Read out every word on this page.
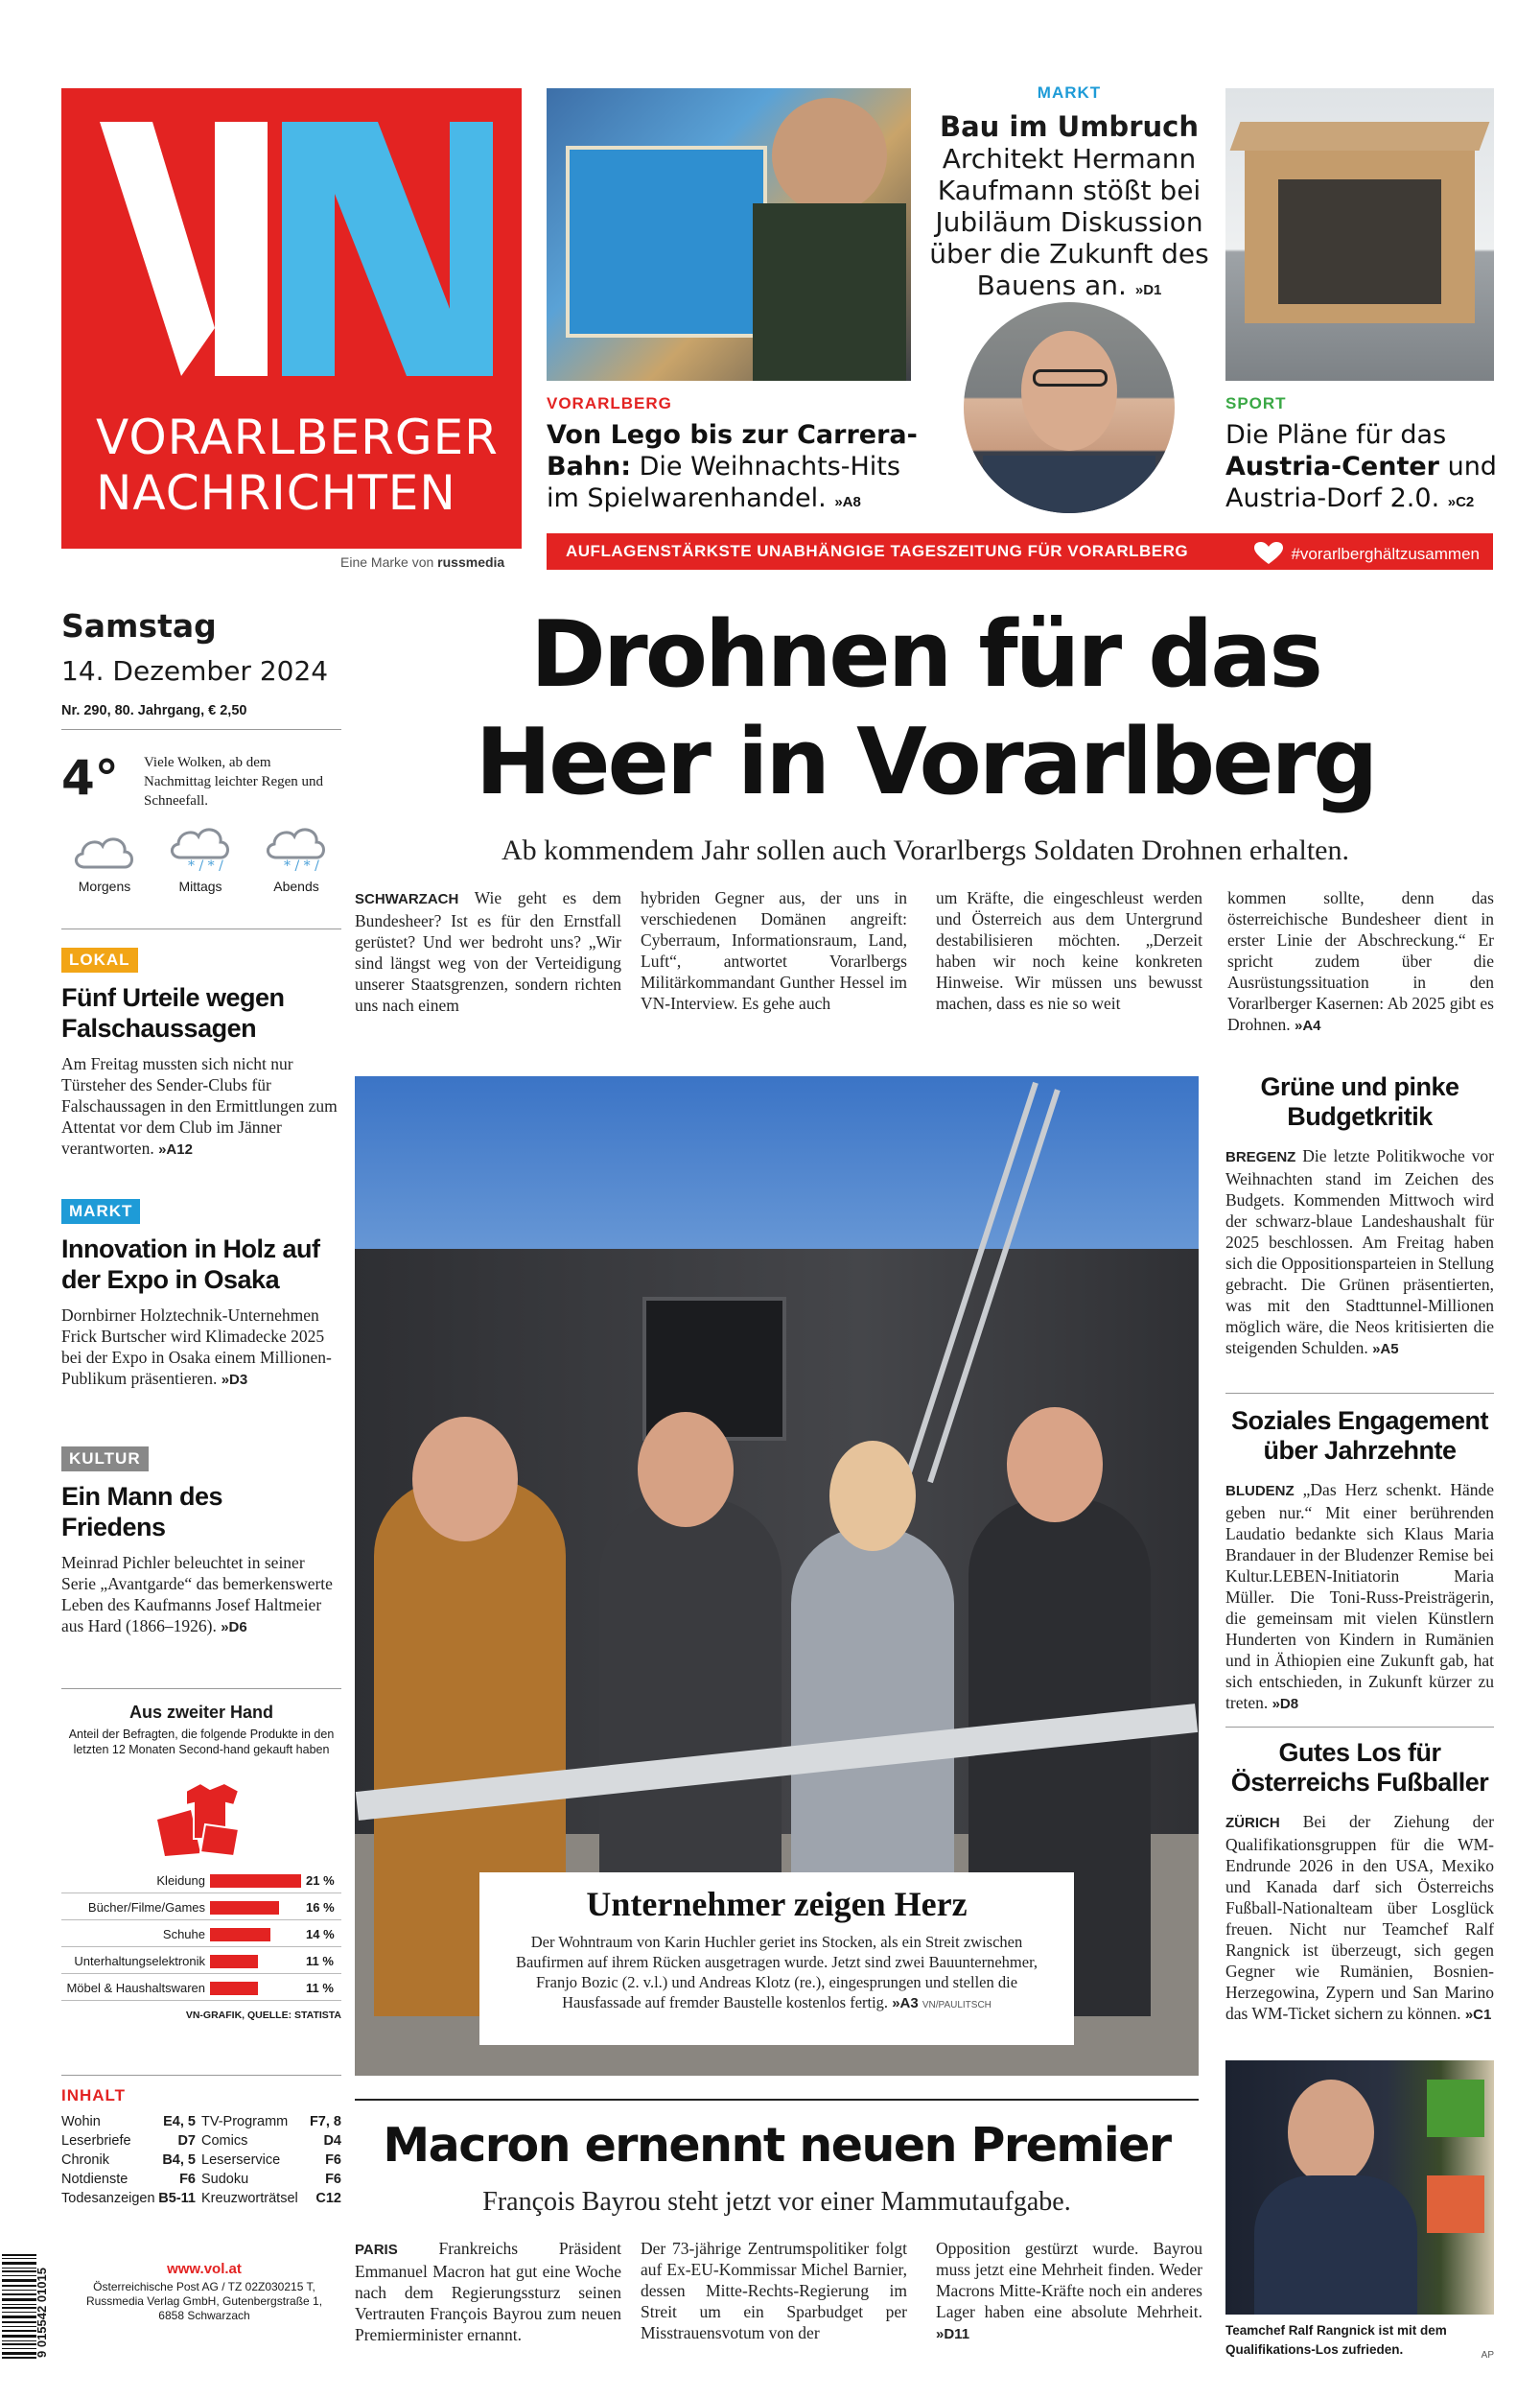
VORARLBERGER
NACHRICHTEN
Eine Marke von russmedia
VORARLBERG
Von Lego bis zur Carrera-Bahn: Die Weihnachts-Hits im Spielwarenhandel. »A8
MARKT
Bau im Umbruch
Architekt Hermann Kaufmann stößt bei Jubiläum Diskussion über die Zukunft des Bauens an. »D1
SPORT
Die Pläne für das Austria-Center und Austria-Dorf 2.0. »C2
AUFLAGENSTÄRKSTE UNABHÄNGIGE TAGESZEITUNG FÜR VORARLBERG	#vorarlberghältzusammen
Samstag
14. Dezember 2024
Nr. 290, 80. Jahrgang, € 2,50
4° Viele Wolken, ab dem Nachmittag leichter Regen und Schneefall.
Morgens
* / * /
Mittags
* / * /
Abends
LOKAL
Fünf Urteile wegen Falschaussagen
Am Freitag mussten sich nicht nur Türsteher des Sender-Clubs für Falschaussagen in den Ermittlungen zum Attentat vor dem Club im Jänner verantworten. »A12
MARKT
Innovation in Holz auf der Expo in Osaka
Dornbirner Holztechnik-Unternehmen Frick Burtscher wird Klimadecke 2025 bei der Expo in Osaka einem Millionen-Publikum präsentieren. »D3
KULTUR
Ein Mann des Friedens
Meinrad Pichler beleuchtet in seiner Serie „Avantgarde“ das bemerkenswerte Leben des Kaufmanns Josef Haltmeier aus Hard (1866–1926). »D6
Aus zweiter Hand
Anteil der Befragten, die folgende Produkte in den letzten 12 Monaten Second-hand gekauft haben
Kleidung	21 %
Bücher/Filme/Games	16 %
Schuhe	14 %
Unterhaltungselektronik	11 %
Möbel & Haushaltswaren	11 %
VN-GRAFIK, QUELLE: STATISTA
INHALT
Wohin	E4, 5
Leserbriefe	D7
Chronik	B4, 5
Notdienste	F6
Todesanzeigen B5-11
TV-Programm F7, 8
Comics	D4
Leserservice	F6
Sudoku	F6
Kreuzworträtsel C12
9 015542 01015	www.vol.at
Österreichische Post AG / TZ 02Z030215 T, Russmedia Verlag GmbH, Gutenbergstraße 1, 6858 Schwarzach
Drohnen für das
Heer in Vorarlberg
Ab kommendem Jahr sollen auch Vorarlbergs Soldaten Drohnen erhalten.
SCHWARZACH Wie geht es dem Bundesheer? Ist es für den Ernstfall gerüstet? Und wer bedroht uns? „Wir sind längst weg von der Verteidigung unserer Staatsgrenzen, sondern richten uns nach einem
hybriden Gegner aus, der uns in verschiedenen Domänen angreift: Cyberraum, Informationsraum, Land, Luft“, antwortet Vorarlbergs Militärkommandant Gunther Hessel im VN-Interview. Es gehe auch
um Kräfte, die eingeschleust werden und Österreich aus dem Untergrund destabilisieren möchten. „Derzeit haben wir noch keine konkreten Hinweise. Wir müssen uns bewusst machen, dass es nie so weit
kommen sollte, denn das österreichische Bundesheer dient in erster Linie der Abschreckung.“ Er spricht zudem über die Ausrüstungssituation in den Vorarlberger Kasernen: Ab 2025 gibt es Drohnen. »A4
Unternehmer zeigen Herz
Der Wohntraum von Karin Huchler geriet ins Stocken, als ein Streit zwischen Baufirmen auf ihrem Rücken ausgetragen wurde. Jetzt sind zwei Bauunternehmer, Franjo Bozic (2. v.l.) und Andreas Klotz (re.), eingesprungen und stellen die Hausfassade auf fremder Baustelle kostenlos fertig. »A3 VN/PAULITSCH
Grüne und pinke Budgetkritik
BREGENZ Die letzte Politikwoche vor Weihnachten stand im Zeichen des Budgets. Kommenden Mittwoch wird der schwarz-blaue Landeshaushalt für 2025 beschlossen. Am Freitag haben sich die Oppositionsparteien in Stellung gebracht. Die Grünen präsentierten, was mit den Stadttunnel-Millionen möglich wäre, die Neos kritisierten die steigenden Schulden. »A5
Soziales Engagement über Jahrzehnte
BLUDENZ „Das Herz schenkt. Hände geben nur.“ Mit einer berührenden Laudatio bedankte sich Klaus Maria Brandauer in der Bludenzer Remise bei Kultur.LEBEN-Initiatorin Maria Müller. Die Toni-Russ-Preisträgerin, die gemeinsam mit vielen Künstlern Hunderten von Kindern in Rumänien und in Äthiopien eine Zukunft gab, hat sich entschieden, in Zukunft kürzer zu treten. »D8
Gutes Los für Österreichs Fußballer
ZÜRICH Bei der Ziehung der Qualifikationsgruppen für die WM-Endrunde 2026 in den USA, Mexiko und Kanada darf sich Österreichs Fußball-Nationalteam über Losglück freuen. Nicht nur Teamchef Ralf Rangnick ist überzeugt, sich gegen Gegner wie Rumänien, Bosnien-Herzegowina, Zypern und San Marino das WM-Ticket sichern zu können. »C1
Teamchef Ralf Rangnick ist mit dem Qualifikations-Los zufrieden.	AP
Macron ernennt neuen Premier
François Bayrou steht jetzt vor einer Mammutaufgabe.
PARIS Frankreichs Präsident Emmanuel Macron hat gut eine Woche nach dem Regierungssturz seinen Vertrauten François Bayrou zum neuen Premierminister ernannt.
Der 73-jährige Zentrumspolitiker folgt auf Ex-EU-Kommissar Michel Barnier, dessen Mitte-Rechts-Regierung im Streit um ein Sparbudget per Misstrauensvotum von der
Opposition gestürzt wurde. Bayrou muss jetzt eine Mehrheit finden. Weder Macrons Mitte-Kräfte noch ein anderes Lager haben eine absolute Mehrheit. »D11
